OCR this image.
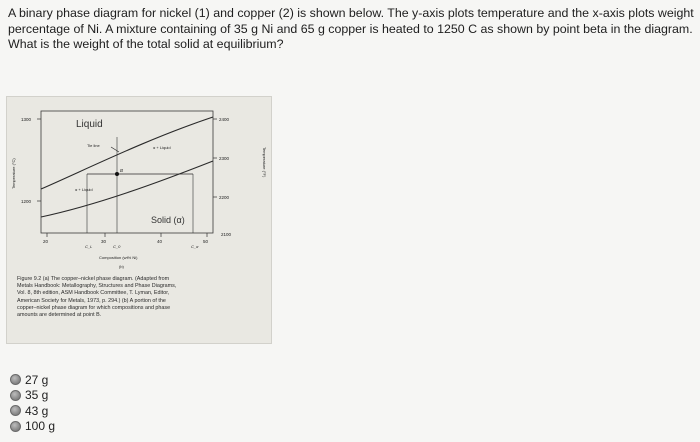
A binary phase diagram for nickel (1) and copper (2) is shown below. The y-axis plots temperature and the x-axis plots weight
percentage of Ni. A mixture containing of 35 g Ni and 65 g copper is heated to 1250 C as shown by point beta in the diagram.
What is the weight of the total solid at equilibrium?
Liquid
Solid (α)
Tie line	α + Liquid
α + Liquid
B
1300
1200
2400
2300
2200
2100
20	30	40	50
C_L	C_0	C_α
Composition (wt% Ni)
(b)
Temperature (°C)	Temperature (°F)
Figure 9.2 (a) The copper–nickel phase diagram. (Adapted from
Metals Handbook: Metallography, Structures and Phase Diagrams,
Vol. 8, 8th edition, ASM Handbook Committee, T. Lyman, Editor,
American Society for Metals, 1973, p. 294.) (b) A portion of the
copper–nickel phase diagram for which compositions and phase
amounts are determined at point B.
27 g
35 g
43 g
100 g
